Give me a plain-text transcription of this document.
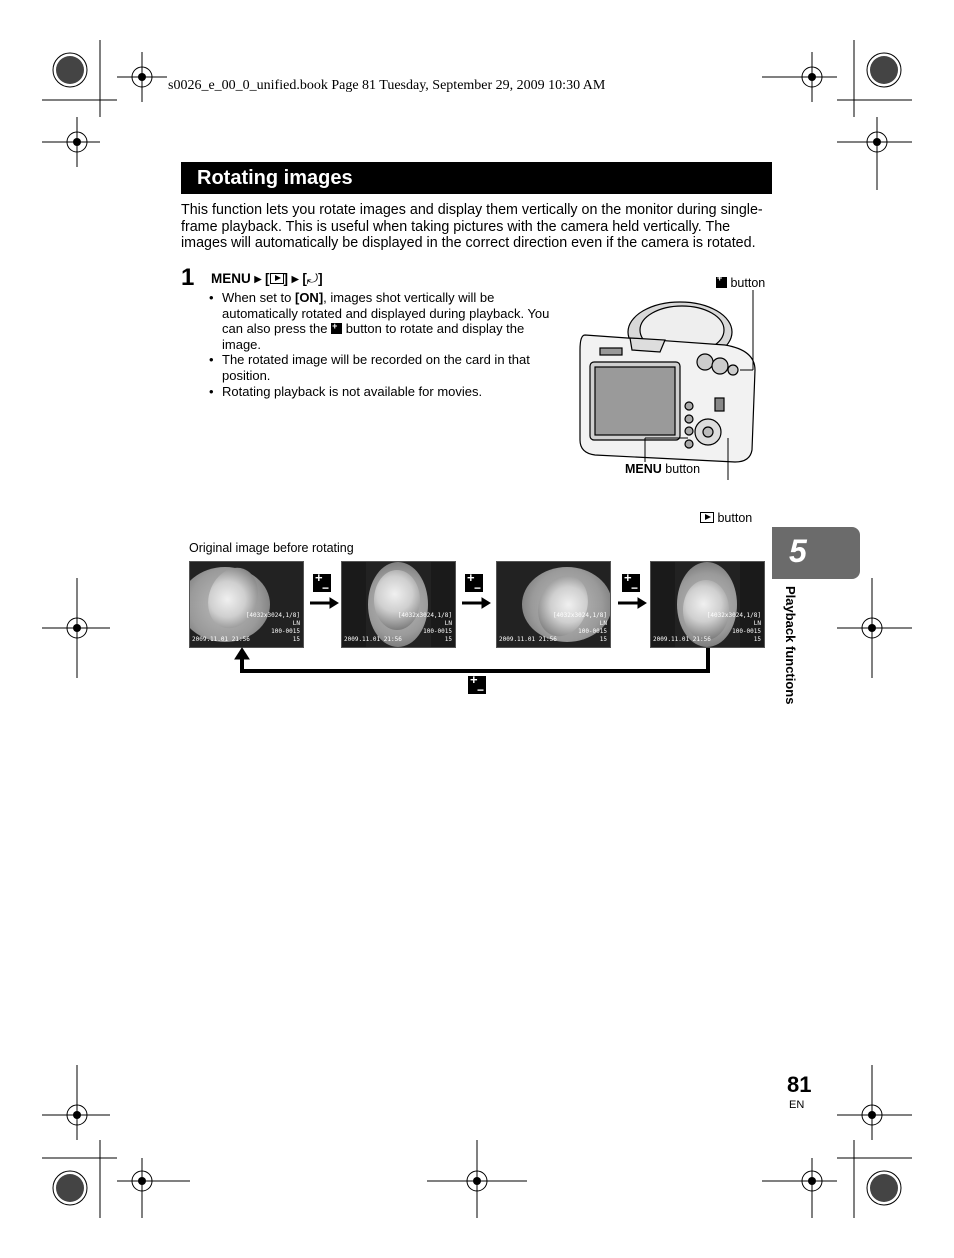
s0026_e_00_0_unified.book Page 81 Tuesday, September 29, 2009 10:30 AM
Rotating images
This function lets you rotate images and display them vertically on the monitor during single-frame playback. This is useful when taking pictures with the camera held vertically. The images will automatically be displayed in the correct direction even if the camera is rotated.
1 MENU ▸ [ ] ▸ [⤾]
• When set to [ON], images shot vertically will be automatically rotated and displayed during playback. You can also press the + button to rotate and display the image.
• The rotated image will be recorded on the card in that position.
• Rotating playback is not available for movies.
+ button
MENU button
button
Original image before rotating
[4032x3024,1/8]
LN
100-0015
2009.11.01 21:56	15
[4032x3024,1/8]
LN
100-0015
2009.11.01 21:56	15
[4032x3024,1/8]
LN
100-0015
2009.11.01 21:56	15
[4032x3024,1/8]
LN
100-0015
2009.11.01 21:56	15
+ −
+ −
+ −
+ −
5
Playback functions
81
EN
